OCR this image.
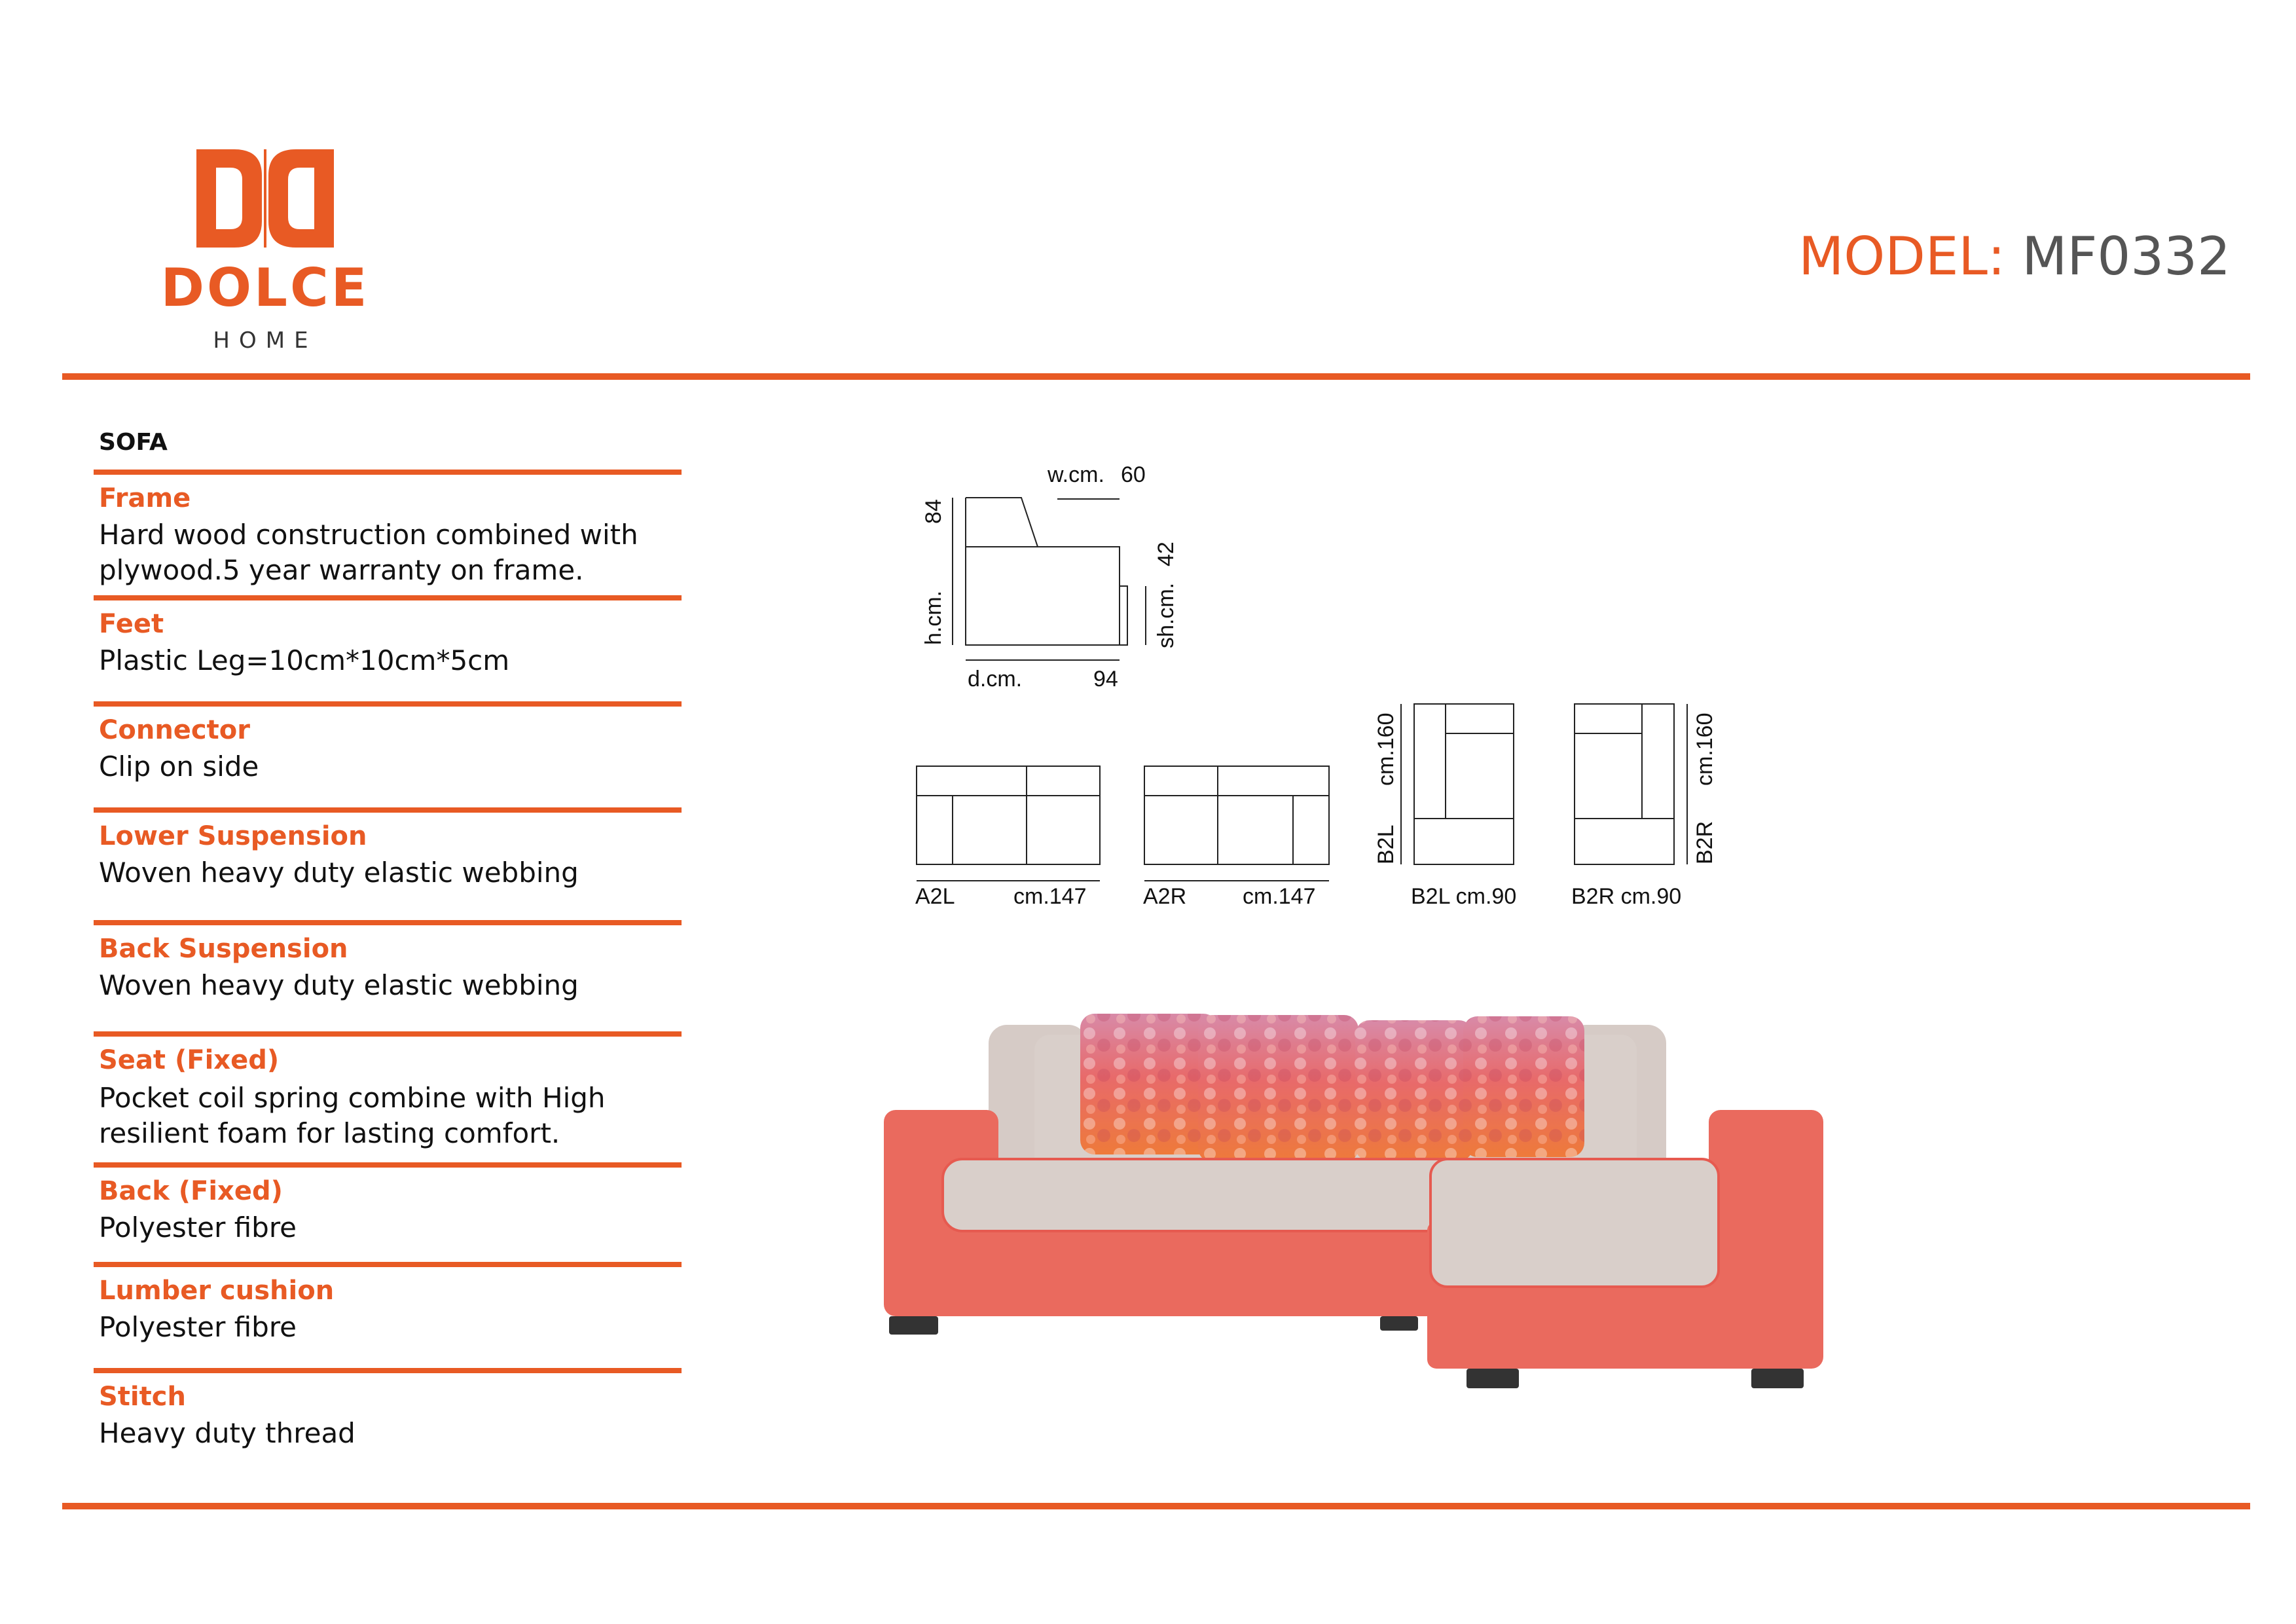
DOLCE
HOME
MODEL: MF0332
SOFA
Frame
Hard wood construction combined with plywood.5 year warranty on frame.
Feet
Plastic Leg=10cm*10cm*5cm
Connector
Clip on side
Lower Suspension
Woven heavy duty elastic webbing
Back Suspension
Woven heavy duty elastic webbing
Seat (Fixed)
Pocket coil spring combine with High resilient foam for lasting comfort.
Back (Fixed)
Polyester fibre
Lumber cushion
Polyester fibre
Stitch
Heavy duty thread
w.cm. 60
h.cm.
84
sh.cm.
42
d.cm.	94
A2L	cm.147	A2R	cm.147
B2L
cm.160
B2L cm.90
B2R
cm.160
B2R cm.90
